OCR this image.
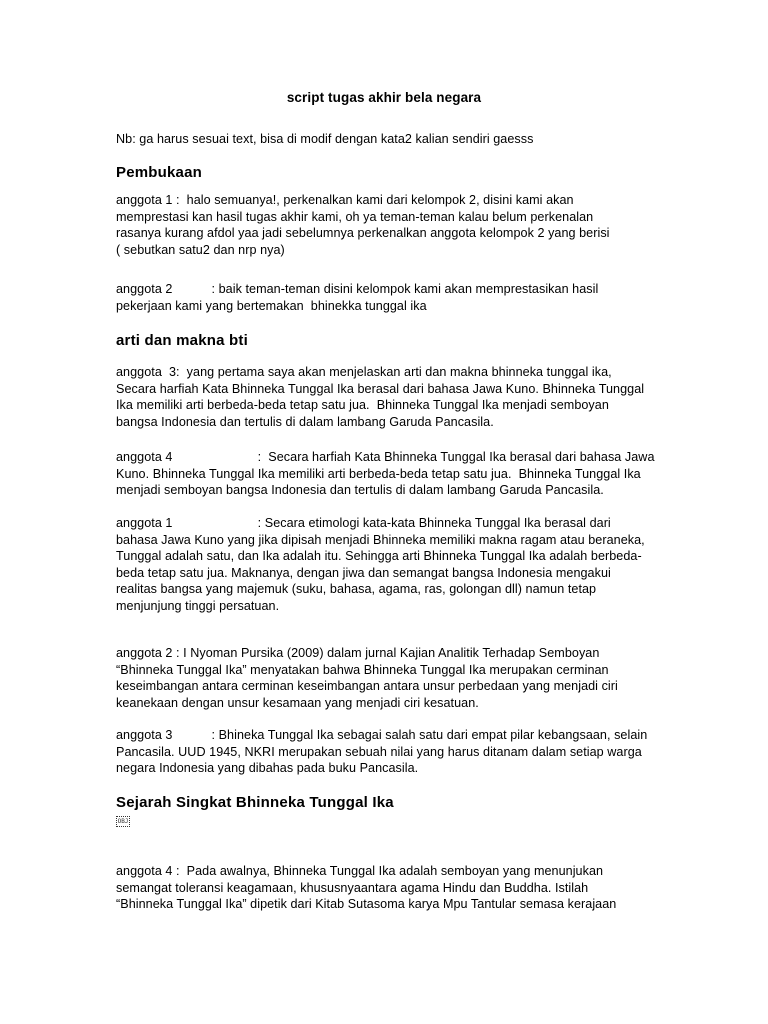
script tugas akhir bela negara
Nb: ga harus sesuai text, bisa di modif dengan kata2 kalian sendiri gaesss
Pembukaan
anggota 1 :  halo semuanya!, perkenalkan kami dari kelompok 2, disini kami akan
memprestasi kan hasil tugas akhir kami, oh ya teman-teman kalau belum perkenalan
rasanya kurang afdol yaa jadi sebelumnya perkenalkan anggota kelompok 2 yang berisi
( sebutkan satu2 dan nrp nya)
anggota 2           : baik teman-teman disini kelompok kami akan memprestasikan hasil
pekerjaan kami yang bertemakan  bhinekka tunggal ika
arti dan makna bti
anggota  3:  yang pertama saya akan menjelaskan arti dan makna bhinneka tunggal ika,
Secara harfiah Kata Bhinneka Tunggal Ika berasal dari bahasa Jawa Kuno. Bhinneka Tunggal
Ika memiliki arti berbeda-beda tetap satu jua.  Bhinneka Tunggal Ika menjadi semboyan
bangsa Indonesia dan tertulis di dalam lambang Garuda Pancasila.
anggota 4                        :  Secara harfiah Kata Bhinneka Tunggal Ika berasal dari bahasa Jawa
Kuno. Bhinneka Tunggal Ika memiliki arti berbeda-beda tetap satu jua.  Bhinneka Tunggal Ika
menjadi semboyan bangsa Indonesia dan tertulis di dalam lambang Garuda Pancasila.
anggota 1                        : Secara etimologi kata-kata Bhinneka Tunggal Ika berasal dari
bahasa Jawa Kuno yang jika dipisah menjadi Bhinneka memiliki makna ragam atau beraneka,
Tunggal adalah satu, dan Ika adalah itu. Sehingga arti Bhinneka Tunggal Ika adalah berbeda-
beda tetap satu jua. Maknanya, dengan jiwa dan semangat bangsa Indonesia mengakui
realitas bangsa yang majemuk (suku, bahasa, agama, ras, golongan dll) namun tetap
menjunjung tinggi persatuan.
anggota 2 : I Nyoman Pursika (2009) dalam jurnal Kajian Analitik Terhadap Semboyan
“Bhinneka Tunggal Ika” menyatakan bahwa Bhinneka Tunggal Ika merupakan cerminan
keseimbangan antara cerminan keseimbangan antara unsur perbedaan yang menjadi ciri
keanekaan dengan unsur kesamaan yang menjadi ciri kesatuan.
anggota 3           : Bhineka Tunggal Ika sebagai salah satu dari empat pilar kebangsaan, selain
Pancasila. UUD 1945, NKRI merupakan sebuah nilai yang harus ditanam dalam setiap warga
negara Indonesia yang dibahas pada buku Pancasila.
Sejarah Singkat Bhinneka Tunggal Ika
OBJ
anggota 4 :  Pada awalnya, Bhinneka Tunggal Ika adalah semboyan yang menunjukan
semangat toleransi keagamaan, khususnyaantara agama Hindu dan Buddha. Istilah
“Bhinneka Tunggal Ika” dipetik dari Kitab Sutasoma karya Mpu Tantular semasa kerajaan
